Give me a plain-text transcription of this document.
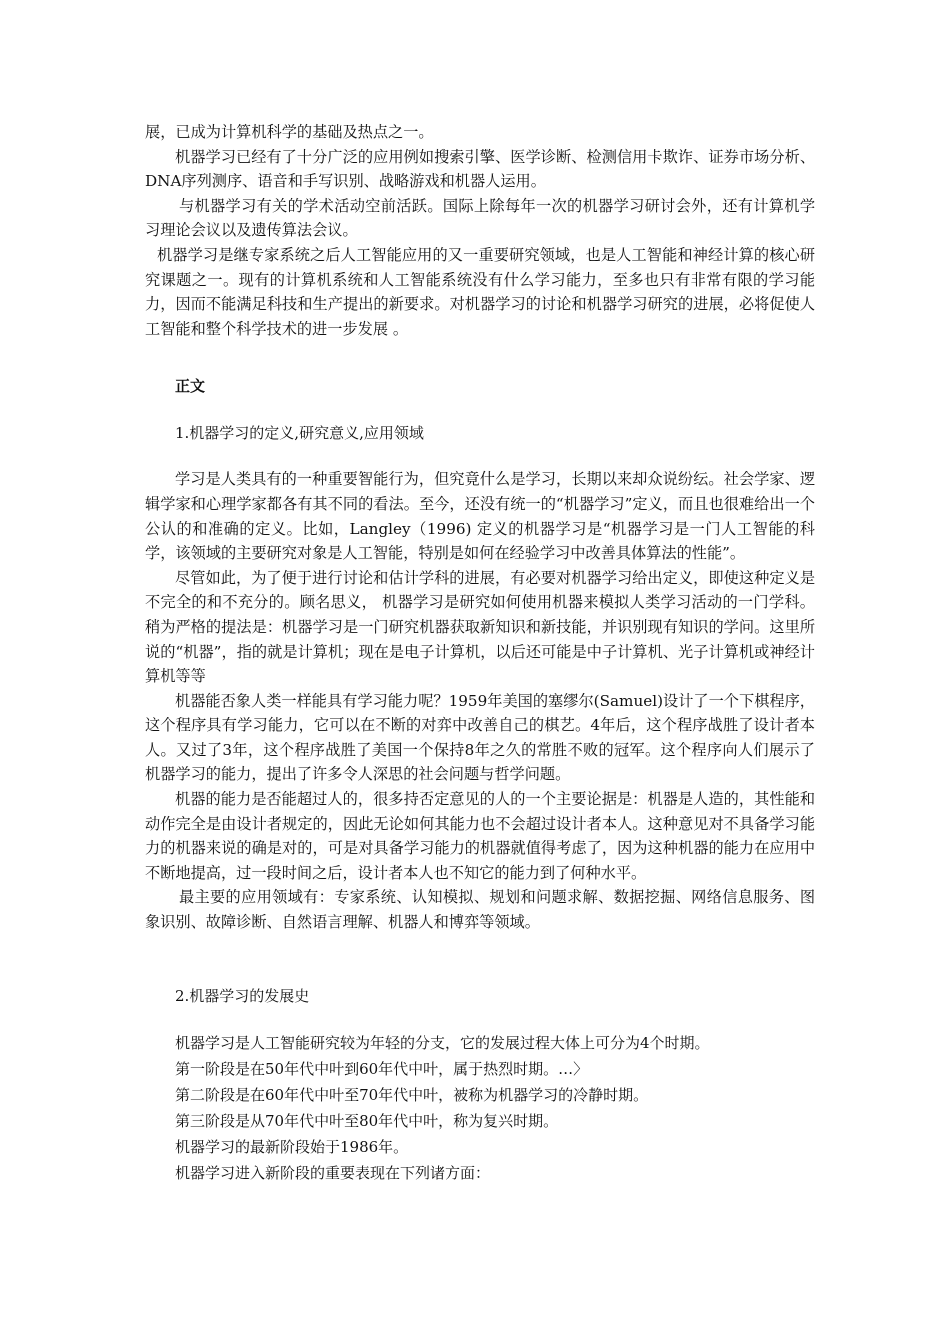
展，已成为计算机科学的基础及热点之一。

机器学习已经有了十分广泛的应用例如搜索引擎、医学诊断、检测信用卡欺诈、证券市场分析、DNA序列测序、语音和手写识别、战略游戏和机器人运用。

与机器学习有关的学术活动空前活跃。国际上除每年一次的机器学习研讨会外，还有计算机学习理论会议以及遗传算法会议。

机器学习是继专家系统之后人工智能应用的又一重要研究领域，也是人工智能和神经计算的核心研究课题之一。现有的计算机系统和人工智能系统没有什么学习能力，至多也只有非常有限的学习能力，因而不能满足科技和生产提出的新要求。对机器学习的讨论和机器学习研究的进展，必将促使人工智能和整个科学技术的进一步发展 。

正文

1.机器学习的定义,研究意义,应用领域

学习是人类具有的一种重要智能行为，但究竟什么是学习，长期以来却众说纷纭。社会学家、逻辑学家和心理学家都各有其不同的看法。至今，还没有统一的“机器学习”定义，而且也很难给出一个公认的和准确的定义。比如，Langley（1996) 定义的机器学习是“机器学习是一门人工智能的科学，该领域的主要研究对象是人工智能，特别是如何在经验学习中改善具体算法的性能”。

尽管如此，为了便于进行讨论和估计学科的进展，有必要对机器学习给出定义，即使这种定义是不完全的和不充分的。顾名思义， 机器学习是研究如何使用机器来模拟人类学习活动的一门学科。稍为严格的提法是：机器学习是一门研究机器获取新知识和新技能，并识别现有知识的学问。这里所说的“机器”，指的就是计算机；现在是电子计算机，以后还可能是中子计算机、光子计算机或神经计算机等等

机器能否象人类一样能具有学习能力呢？1959年美国的塞缪尔(Samuel)设计了一个下棋程序，这个程序具有学习能力，它可以在不断的对弈中改善自己的棋艺。4年后，这个程序战胜了设计者本人。又过了3年，这个程序战胜了美国一个保持8年之久的常胜不败的冠军。这个程序向人们展示了机器学习的能力，提出了许多令人深思的社会问题与哲学问题。

机器的能力是否能超过人的，很多持否定意见的人的一个主要论据是：机器是人造的，其性能和动作完全是由设计者规定的，因此无论如何其能力也不会超过设计者本人。这种意见对不具备学习能力的机器来说的确是对的，可是对具备学习能力的机器就值得考虑了，因为这种机器的能力在应用中不断地提高，过一段时间之后，设计者本人也不知它的能力到了何种水平。

最主要的应用领域有：专家系统、认知模拟、规划和问题求解、数据挖掘、网络信息服务、图象识别、故障诊断、自然语言理解、机器人和博弈等领域。

2.机器学习的发展史

机器学习是人工智能研究较为年轻的分支，它的发展过程大体上可分为4个时期。

第一阶段是在50年代中叶到60年代中叶，属于热烈时期。…〉

第二阶段是在60年代中叶至70年代中叶，被称为机器学习的冷静时期。

第三阶段是从70年代中叶至80年代中叶，称为复兴时期。

机器学习的最新阶段始于1986年。

机器学习进入新阶段的重要表现在下列诸方面：
